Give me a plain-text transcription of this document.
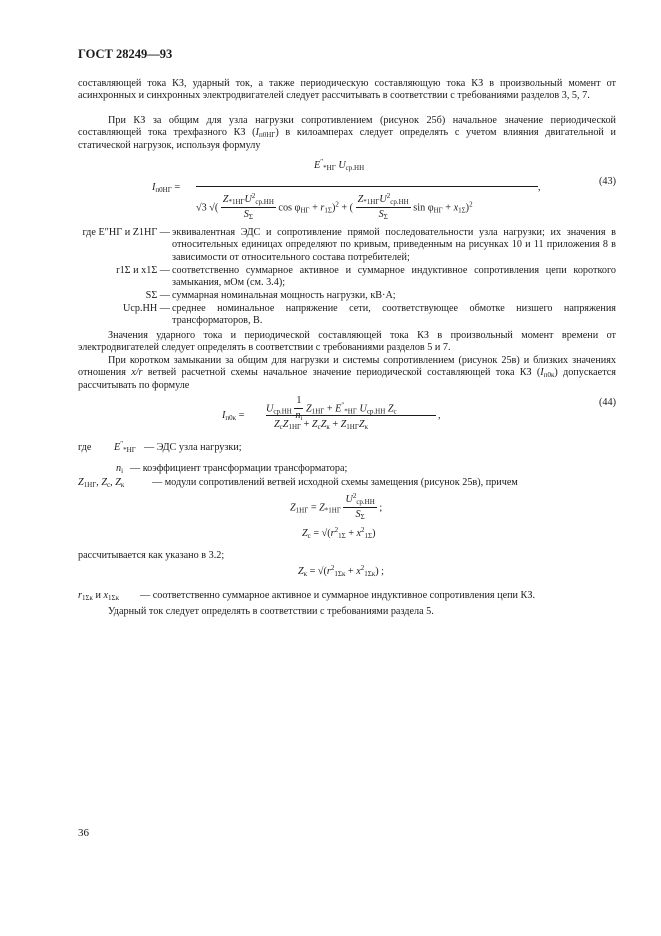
ГОСТ 28249—93
составляющей тока КЗ, ударный ток, а также периодическую составляющую тока КЗ в произвольный момент от асинхронных и синхронных электродвигателей следует рассчитывать в соответствии с требованиями разделов 3, 5, 7.
При КЗ за общим для узла нагрузки сопротивлением (рисунок 25б) начальное значение периодической составляющей тока трехфазного КЗ $(I_{п0НГ})$ в килоамперах следует определять с учетом влияния двигательной и статической нагрузок, используя формулу
$I_{п0НГ}$ =
$E''_{*НГ}$ $U_{ср.НН}$
√3 √( $\frac{Z_{*1НГ}U^2_{ср.НН}}{S_\Sigma}$ $\cos \varphi_{НГ} + r_{1\Sigma})^2$ + ( $\frac{Z_{*1НГ}U^2_{ср.НН}}{S_\Sigma}$ $\sin \varphi_{НГ} + x_{1\Sigma})^2$
,
(43)
где E″НГ и Z1НГ — эквивалентная ЭДС и сопротивление прямой последовательности узла нагрузки; их значения в относительных единицах определяют по кривым, приведенным на рисунках 10 и 11 приложения 8 в зависимости от относительного состава потребителей;
r1Σ и x1Σ — соответственно суммарное активное и суммарное индуктивное сопротивления цепи короткого замыкания, мОм (см. 3.4);
SΣ — суммарная номинальная мощность нагрузки, кВ·А;
Uср.НН — среднее номинальное напряжение сети, соответствующее обмотке низшего напряжения трансформаторов, В.
Значения ударного тока и периодической составляющей тока КЗ в произвольный момент времени от электродвигателей следует определять в соответствии с требованиями разделов 5 и 7.
При коротком замыкании за общим для нагрузки и системы сопротивлением (рисунок 25в) и близких значениях отношения x/r ветвей расчетной схемы начальное значение периодической составляющей тока КЗ $(I_{п0к})$ допускается рассчитывать по формуле
$I_{п0к}$ =
$U_{ср.НН} \frac{1}{n_i} Z_{1НГ} + E''_{*НГ}$ $U_{ср.НН}$ $Z_с$
$Z_сZ_{1НГ} + Z_сZ_к + Z_{1НГ}Z_к$
,
(44)
где $E''_{*НГ}$ — ЭДС узла нагрузки;
$n_i$ — коэффициент трансформации трансформатора;
$Z_{1НГ}$, $Z_с$, $Z_к$	— модули сопротивлений ветвей исходной схемы замещения (рисунок 25в), причем
$Z_{1НГ} = Z_{*1НГ} \frac{U^2_{ср.НН}}{S_\Sigma}$ ;
$Z_с = √(r^2_{1\Sigma} + x^2_{1\Sigma})$
рассчитывается как указано в 3.2;
$Z_к = √(r^2_{1\Sigma к} + x^2_{1\Sigma к})$ ;
$r_{1\Sigma к}$ и $x_{1\Sigma к}$ — соответственно суммарное активное и суммарное индуктивное сопротивления цепи КЗ.
Ударный ток следует определять в соответствии с требованиями раздела 5.
36
